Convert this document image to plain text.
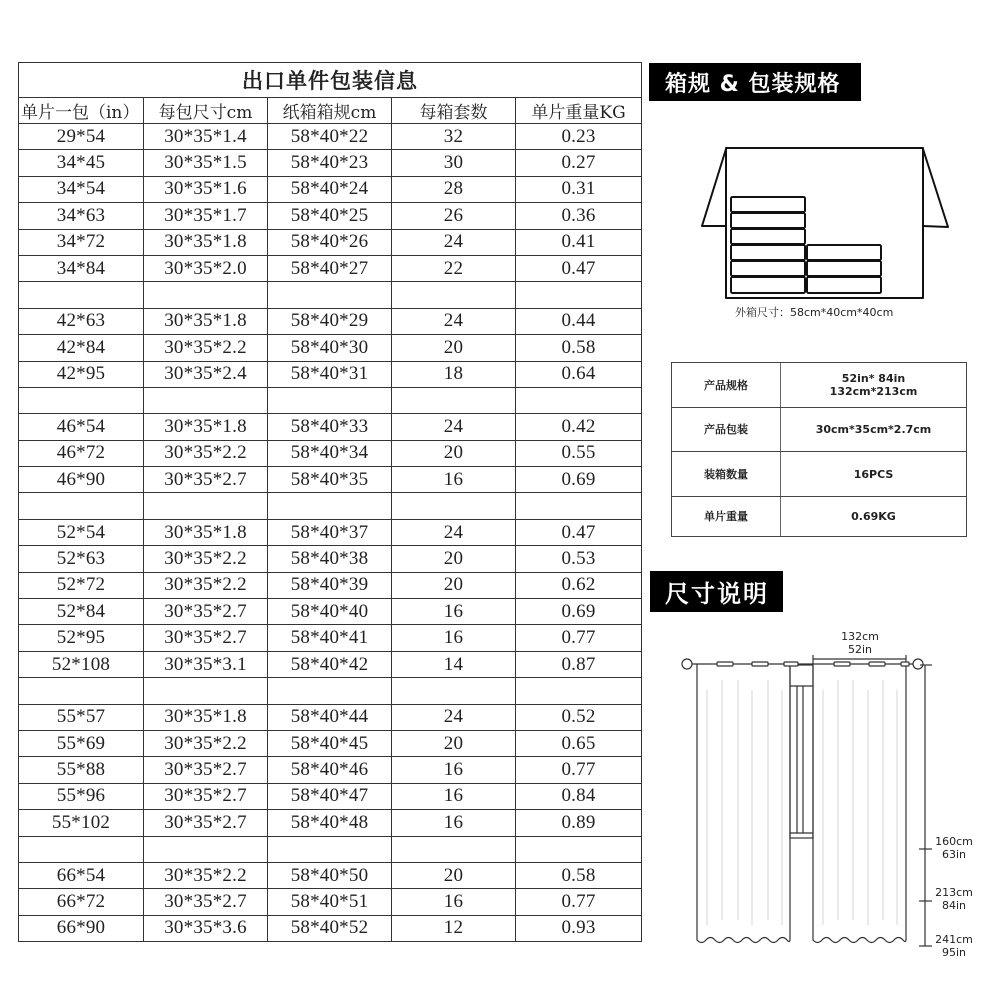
出口单件包装信息				
单片一包（in）	每包尺寸cm	纸箱箱规cm	每箱套数	单片重量KG
29*54	30*35*1.4	58*40*22	32	0.23
34*45	30*35*1.5	58*40*23	30	0.27
34*54	30*35*1.6	58*40*24	28	0.31
34*63	30*35*1.7	58*40*25	26	0.36
34*72	30*35*1.8	58*40*26	24	0.41
34*84	30*35*2.0	58*40*27	22	0.47

42*63	30*35*1.8	58*40*29	24	0.44
42*84	30*35*2.2	58*40*30	20	0.58
42*95	30*35*2.4	58*40*31	18	0.64

46*54	30*35*1.8	58*40*33	24	0.42
46*72	30*35*2.2	58*40*34	20	0.55
46*90	30*35*2.7	58*40*35	16	0.69

52*54	30*35*1.8	58*40*37	24	0.47
52*63	30*35*2.2	58*40*38	20	0.53
52*72	30*35*2.2	58*40*39	20	0.62
52*84	30*35*2.7	58*40*40	16	0.69
52*95	30*35*2.7	58*40*41	16	0.77
52*108	30*35*3.1	58*40*42	14	0.87

55*57	30*35*1.8	58*40*44	24	0.52
55*69	30*35*2.2	58*40*45	20	0.65
55*88	30*35*2.7	58*40*46	16	0.77
55*96	30*35*2.7	58*40*47	16	0.84
55*102	30*35*2.7	58*40*48	16	0.89

66*54	30*35*2.2	58*40*50	20	0.58
66*72	30*35*2.7	58*40*51	16	0.77
66*90	30*35*3.6	58*40*52	12	0.93
箱规 & 包装规格
外箱尺寸：58cm*40cm*40cm
产品规格	52in* 84in
132cm*213cm

产品包装	30cm*35cm*2.7cm
装箱数量	16PCS
单片重量	0.69KG
尺寸说明
132cm
52in
160cm
63in
213cm
84in
241cm
95in
